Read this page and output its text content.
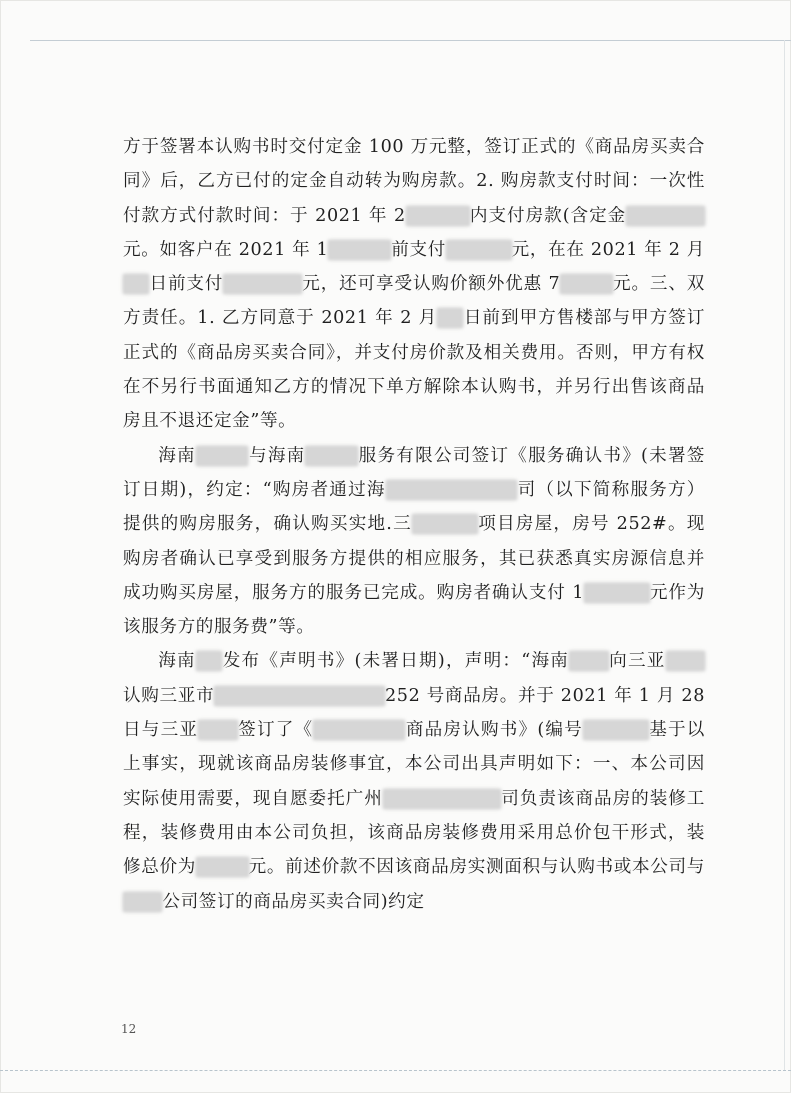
方于签署本认购书时交付定金 100 万元整，签订正式的《商品房买卖合同》后，乙方已付的定金自动转为购房款。2. 购房款支付时间：一次性付款方式付款时间：于 2021 年 2	内支付房款(含定金元。如客户在 2021 年 1	前支付	元，在在 2021 年 2 月日前支付	元，还可享受认购价额外优惠 7	元。三、双方责任。1. 乙方同意于 2021 年 2 月 日前到甲方售楼部与甲方签订正式的《商品房买卖合同》，并支付房价款及相关费用。否则，甲方有权在不另行书面通知乙方的情况下单方解除本认购书，并另行出售该商品房且不退还定金”等。

海南	与海南	服务有限公司签订《服务确认书》(未署签订日期)，约定：“购房者通过海	司（以下简称服务方）提供的购房服务，确认购买实地.三	项目房屋，房号 252#。现购房者确认已享受到服务方提供的相应服务，其已获悉真实房源信息并成功购买房屋，服务方的服务已完成。购房者确认支付 1	元作为该服务方的服务费”等。

海南 发布《声明书》(未署日期)，声明：“海南 向三亚认购三亚市	252 号商品房。并于 2021 年 1 月 28 日与三亚 签订了《	商品房认购书》(编号	基于以上事实，现就该商品房装修事宜，本公司出具声明如下：一、本公司因实际使用需要，现自愿委托广州	司负责该商品房的装修工程，装修费用由本公司负担，该商品房装修费用采用总价包干形式，装修总价为	元。前述价款不因该商品房实测面积与认购书或本公司与公司签订的商品房买卖合同)约定

12
